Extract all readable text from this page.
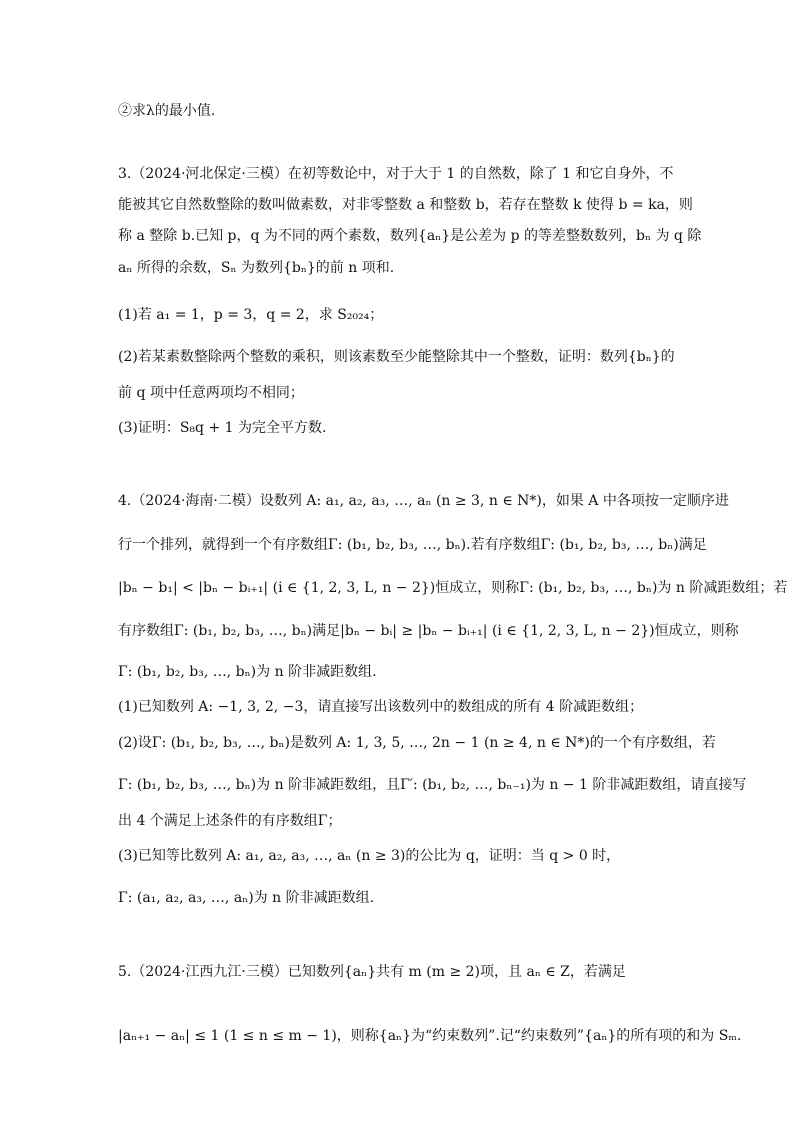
②求λ的最小值.
3.（2024·河北保定·三模）在初等数论中，对于大于 1 的自然数，除了 1 和它自身外，不
能被其它自然数整除的数叫做素数，对非零整数 a 和整数 b，若存在整数 k 使得 b = ka，则
称 a 整除 b.已知 p，q 为不同的两个素数，数列{aₙ}是公差为 p 的等差整数数列，bₙ 为 q 除
aₙ 所得的余数，Sₙ 为数列{bₙ}的前 n 项和.
(1)若 a₁ = 1，p = 3，q = 2，求 S₂₀₂₄；
(2)若某素数整除两个整数的乘积，则该素数至少能整除其中一个整数，证明：数列{bₙ}的
前 q 项中任意两项均不相同；
(3)证明：S₈q + 1 为完全平方数.
4.（2024·海南·二模）设数列 A: a₁, a₂, a₃, …, aₙ (n ≥ 3, n ∈ N*)，如果 A 中各项按一定顺序进
行一个排列，就得到一个有序数组Γ: (b₁, b₂, b₃, …, bₙ).若有序数组Γ: (b₁, b₂, b₃, …, bₙ)满足
|bₙ − b₁| < |bₙ − bᵢ₊₁| (i ∈ {1, 2, 3, L, n − 2})恒成立，则称Γ: (b₁, b₂, b₃, …, bₙ)为 n 阶减距数组；若
有序数组Γ: (b₁, b₂, b₃, …, bₙ)满足|bₙ − bᵢ| ≥ |bₙ − bᵢ₊₁| (i ∈ {1, 2, 3, L, n − 2})恒成立，则称
Γ: (b₁, b₂, b₃, …, bₙ)为 n 阶非减距数组.
(1)已知数列 A: −1, 3, 2, −3，请直接写出该数列中的数组成的所有 4 阶减距数组；
(2)设Γ: (b₁, b₂, b₃, …, bₙ)是数列 A: 1, 3, 5, …, 2n − 1 (n ≥ 4, n ∈ N*)的一个有序数组，若
Γ: (b₁, b₂, b₃, …, bₙ)为 n 阶非减距数组，且Γ′: (b₁, b₂, …, bₙ₋₁)为 n − 1 阶非减距数组，请直接写
出 4 个满足上述条件的有序数组Γ；
(3)已知等比数列 A: a₁, a₂, a₃, …, aₙ (n ≥ 3)的公比为 q，证明：当 q > 0 时，
Γ: (a₁, a₂, a₃, …, aₙ)为 n 阶非减距数组.
5.（2024·江西九江·三模）已知数列{aₙ}共有 m (m ≥ 2)项，且 aₙ ∈ Z，若满足
|aₙ₊₁ − aₙ| ≤ 1 (1 ≤ n ≤ m − 1)，则称{aₙ}为“约束数列”.记“约束数列”{aₙ}的所有项的和为 Sₘ.
